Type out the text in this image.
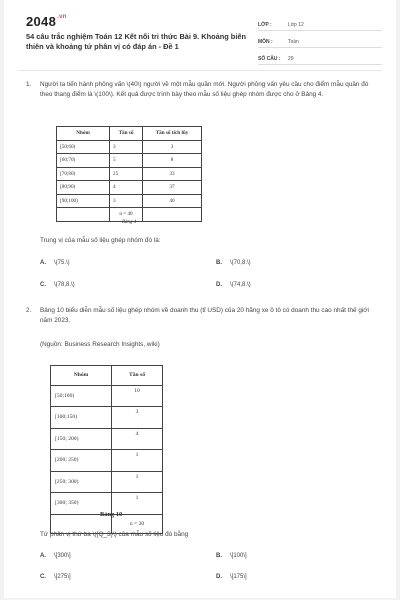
$2048^{.vn}$
54 câu trắc nghiệm Toán 12 Kết nối tri thức Bài 9. Khoảng biến thiên và khoảng tứ phân vị có đáp án - Đề 1
LỚP :	Lớp 12
MÔN :	Toán
SỐ CÂU :	29
1. Người ta tiến hành phỏng vấn \(40\) người về một mẫu quần mới. Người phỏng vấn yêu cầu cho điểm mẫu quần đó theo thang điểm là \(100\). Kết quả được trình bày theo mẫu số liệu ghép nhóm được cho ở Bảng 4.
Nhóm	Tần số	Tần số tích lũy
[50;60)	3	3
[60;70)	5	8
[70;80)	25	33
[80;90)	4	37
[90;100)	3	40
	n = 40	
Bảng 4
Trung vị của mẫu số liệu ghép nhóm đó là:
A. \(75.\)	B. \(70,8.\)
C. \(78,8.\)	D. \(74,8.\)
2. Bảng 10 biểu diễn mẫu số liệu ghép nhóm về doanh thu (tỉ USD) của 20 hãng xe ô tô có doanh thu cao nhất thế giới năm 2023.
(Nguồn: Business Research Insights, wiki)
Nhóm	Tần số
[50;100)	10
[100;150)	3
[150; 200)	4
[200; 250)	1
[250; 300)	1
[300; 350)	1
	n = 20
Bảng 10
Tứ phân vị thứ ba \({Q_3}\) của mẫu số liệu đó bằng
A. \[300\]	B. \[100\]
C. \[275\]	D. \[175\]
